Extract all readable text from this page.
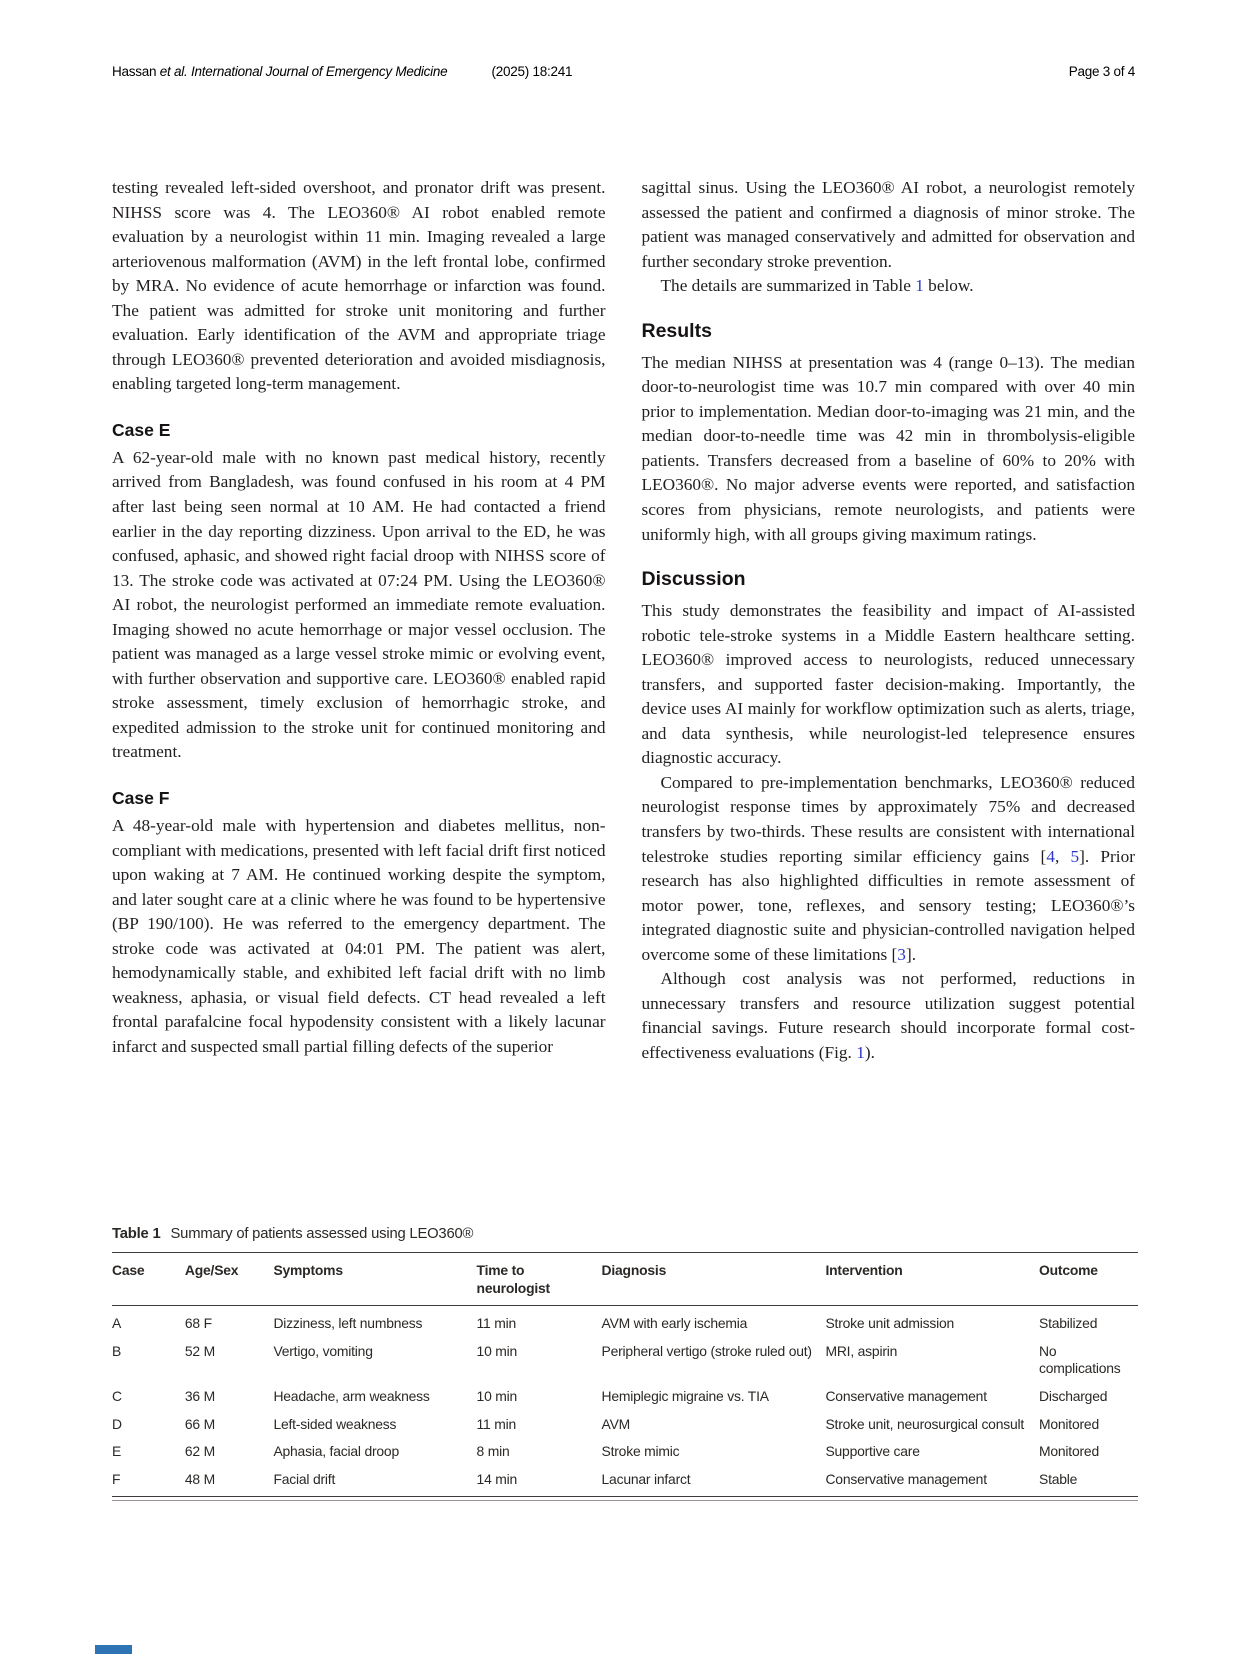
Hassan et al. International Journal of Emergency Medicine	(2025) 18:241	Page 3 of 4

testing revealed left-sided overshoot, and pronator drift was present. NIHSS score was 4. The LEO360® AI robot enabled remote evaluation by a neurologist within 11 min. Imaging revealed a large arteriovenous malformation (AVM) in the left frontal lobe, confirmed by MRA. No evidence of acute hemorrhage or infarction was found. The patient was admitted for stroke unit monitoring and further evaluation. Early identification of the AVM and appropriate triage through LEO360® prevented deterioration and avoided misdiagnosis, enabling targeted long-term management.

Case E

A 62-year-old male with no known past medical history, recently arrived from Bangladesh, was found confused in his room at 4 PM after last being seen normal at 10 AM. He had contacted a friend earlier in the day reporting dizziness. Upon arrival to the ED, he was confused, aphasic, and showed right facial droop with NIHSS score of 13. The stroke code was activated at 07:24 PM. Using the LEO360® AI robot, the neurologist performed an immediate remote evaluation. Imaging showed no acute hemorrhage or major vessel occlusion. The patient was managed as a large vessel stroke mimic or evolving event, with further observation and supportive care. LEO360® enabled rapid stroke assessment, timely exclusion of hemorrhagic stroke, and expedited admission to the stroke unit for continued monitoring and treatment.

Case F

A 48-year-old male with hypertension and diabetes mellitus, non-compliant with medications, presented with left facial drift first noticed upon waking at 7 AM. He continued working despite the symptom, and later sought care at a clinic where he was found to be hypertensive (BP 190/100). He was referred to the emergency department. The stroke code was activated at 04:01 PM. The patient was alert, hemodynamically stable, and exhibited left facial drift with no limb weakness, aphasia, or visual field defects. CT head revealed a left frontal parafalcine focal hypodensity consistent with a likely lacunar infarct and suspected small partial filling defects of the superior

sagittal sinus. Using the LEO360® AI robot, a neurologist remotely assessed the patient and confirmed a diagnosis of minor stroke. The patient was managed conservatively and admitted for observation and further secondary stroke prevention.

The details are summarized in Table 1 below.

Results

The median NIHSS at presentation was 4 (range 0–13). The median door-to-neurologist time was 10.7 min compared with over 40 min prior to implementation. Median door-to-imaging was 21 min, and the median door-to-needle time was 42 min in thrombolysis-eligible patients. Transfers decreased from a baseline of 60% to 20% with LEO360®. No major adverse events were reported, and satisfaction scores from physicians, remote neurologists, and patients were uniformly high, with all groups giving maximum ratings.

Discussion

This study demonstrates the feasibility and impact of AI-assisted robotic tele-stroke systems in a Middle Eastern healthcare setting. LEO360® improved access to neurologists, reduced unnecessary transfers, and supported faster decision-making. Importantly, the device uses AI mainly for workflow optimization such as alerts, triage, and data synthesis, while neurologist-led telepresence ensures diagnostic accuracy.

Compared to pre-implementation benchmarks, LEO360® reduced neurologist response times by approximately 75% and decreased transfers by two-thirds. These results are consistent with international telestroke studies reporting similar efficiency gains [4, 5]. Prior research has also highlighted difficulties in remote assessment of motor power, tone, reflexes, and sensory testing; LEO360®’s integrated diagnostic suite and physician-controlled navigation helped overcome some of these limitations [3].

Although cost analysis was not performed, reductions in unnecessary transfers and resource utilization suggest potential financial savings. Future research should incorporate formal cost-effectiveness evaluations (Fig. 1).

Table 1 Summary of patients assessed using LEO360®
Case	Age/Sex	Symptoms	Time to neurologist	Diagnosis	Intervention	Outcome
A	68 F	Dizziness, left numbness	11 min	AVM with early ischemia	Stroke unit admission	Stabilized
B	52 M	Vertigo, vomiting	10 min	Peripheral vertigo (stroke ruled out)	MRI, aspirin	No complications
C	36 M	Headache, arm weakness	10 min	Hemiplegic migraine vs. TIA	Conservative management	Discharged
D	66 M	Left-sided weakness	11 min	AVM	Stroke unit, neurosurgical consult	Monitored
E	62 M	Aphasia, facial droop	8 min	Stroke mimic	Supportive care	Monitored
F	48 M	Facial drift	14 min	Lacunar infarct	Conservative management	Stable
